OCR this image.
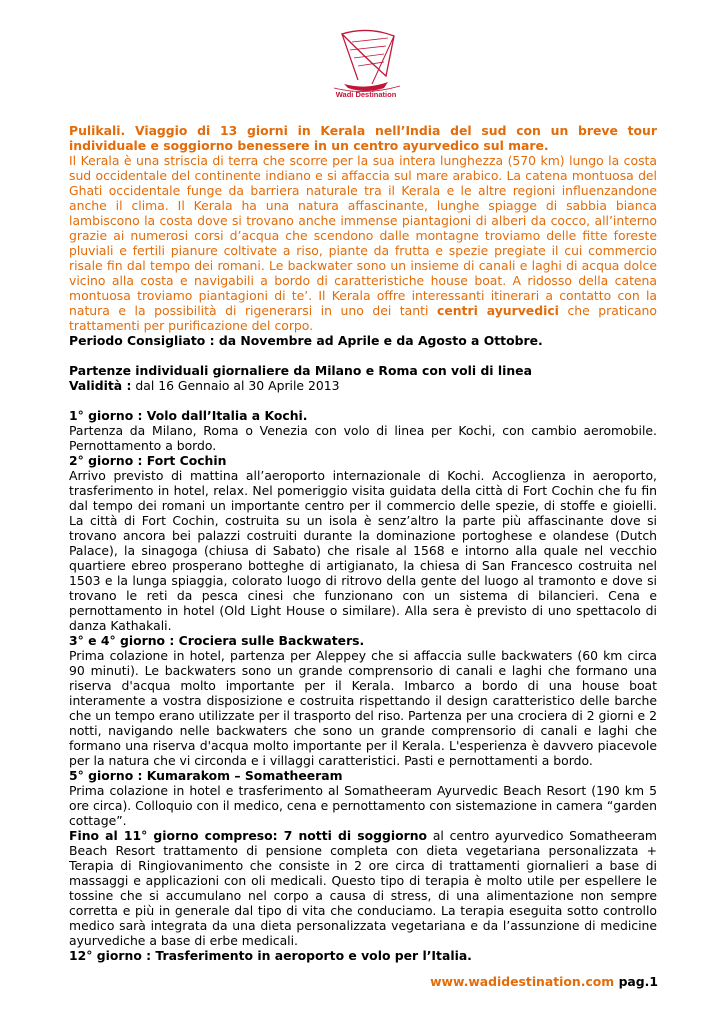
Wadi Destination

Pulikali. Viaggio di 13 giorni in Kerala nell’India del sud con un breve tour individuale e soggiorno benessere in un centro ayurvedico sul mare.
Il Kerala è una striscia di terra che scorre per la sua intera lunghezza (570 km) lungo la costa sud occidentale del continente indiano e si affaccia sul mare arabico. La catena montuosa del Ghati occidentale funge da barriera naturale tra il Kerala e le altre regioni influenzandone anche il clima. Il Kerala ha una natura affascinante, lunghe spiagge di sabbia bianca lambiscono la costa dove si trovano anche immense piantagioni di alberi da cocco, all’interno grazie ai numerosi corsi d’acqua che scendono dalle montagne troviamo delle fitte foreste pluviali e fertili pianure coltivate a riso, piante da frutta e spezie pregiate il cui commercio risale fin dal tempo dei romani. Le backwater sono un insieme di canali e laghi di acqua dolce vicino alla costa e navigabili a bordo di caratteristiche house boat. A ridosso della catena montuosa troviamo piantagioni di te’. Il Kerala offre interessanti itinerari a contatto con la natura e la possibilità di rigenerarsi in uno dei tanti centri ayurvedici che praticano trattamenti per purificazione del corpo.

Periodo Consigliato : da Novembre ad Aprile e da Agosto a Ottobre.

Partenze individuali giornaliere da Milano e Roma con voli di linea

Validità : dal 16 Gennaio al 30 Aprile 2013

1° giorno : Volo dall’Italia a Kochi.

Partenza da Milano, Roma o Venezia con volo di linea per Kochi, con cambio aeromobile. Pernottamento a bordo.

2° giorno : Fort Cochin

Arrivo previsto di mattina all’aeroporto internazionale di Kochi. Accoglienza in aeroporto, trasferimento in hotel, relax. Nel pomeriggio visita guidata della città di Fort Cochin che fu fin dal tempo dei romani un importante centro per il commercio delle spezie, di stoffe e gioielli. La città di Fort Cochin, costruita su un isola è senz’altro la parte più affascinante dove si trovano ancora bei palazzi costruiti durante la dominazione portoghese e olandese (Dutch Palace), la sinagoga (chiusa di Sabato) che risale al 1568 e intorno alla quale nel vecchio quartiere ebreo prosperano botteghe di artigianato, la chiesa di San Francesco costruita nel 1503 e la lunga spiaggia, colorato luogo di ritrovo della gente del luogo al tramonto e dove si trovano le reti da pesca cinesi che funzionano con un sistema di bilancieri. Cena e pernottamento in hotel (Old Light House o similare). Alla sera è previsto di uno spettacolo di danza Kathakali.

3° e 4° giorno : Crociera sulle Backwaters.

Prima colazione in hotel, partenza per Aleppey che si affaccia sulle backwaters (60 km circa 90 minuti). Le backwaters sono un grande comprensorio di canali e laghi che formano una riserva d'acqua molto importante per il Kerala. Imbarco a bordo di una house boat interamente a vostra disposizione e costruita rispettando il design caratteristico delle barche che un tempo erano utilizzate per il trasporto del riso. Partenza per una crociera di 2 giorni e 2 notti, navigando nelle backwaters che sono un grande comprensorio di canali e laghi che formano una riserva d'acqua molto importante per il Kerala. L'esperienza è davvero piacevole per la natura che vi circonda e i villaggi caratteristici. Pasti e pernottamenti a bordo.

5° giorno : Kumarakom – Somatheeram

Prima colazione in hotel e trasferimento al Somatheeram Ayurvedic Beach Resort (190 km 5 ore circa). Colloquio con il medico, cena e pernottamento con sistemazione in camera “garden cottage”.

Fino al 11° giorno compreso: 7 notti di soggiorno al centro ayurvedico Somatheeram Beach Resort trattamento di pensione completa con dieta vegetariana personalizzata + Terapia di Ringiovanimento che consiste in 2 ore circa di trattamenti giornalieri a base di massaggi e applicazioni con oli medicali. Questo tipo di terapia è molto utile per espellere le tossine che si accumulano nel corpo a causa di stress, di una alimentazione non sempre corretta e più in generale dal tipo di vita che conduciamo. La terapia eseguita sotto controllo medico sarà integrata da una dieta personalizzata vegetariana e da l’assunzione di medicine ayurvediche a base di erbe medicali.

12° giorno : Trasferimento in aeroporto e volo per l’Italia.

www.wadidestination.com pag.1
